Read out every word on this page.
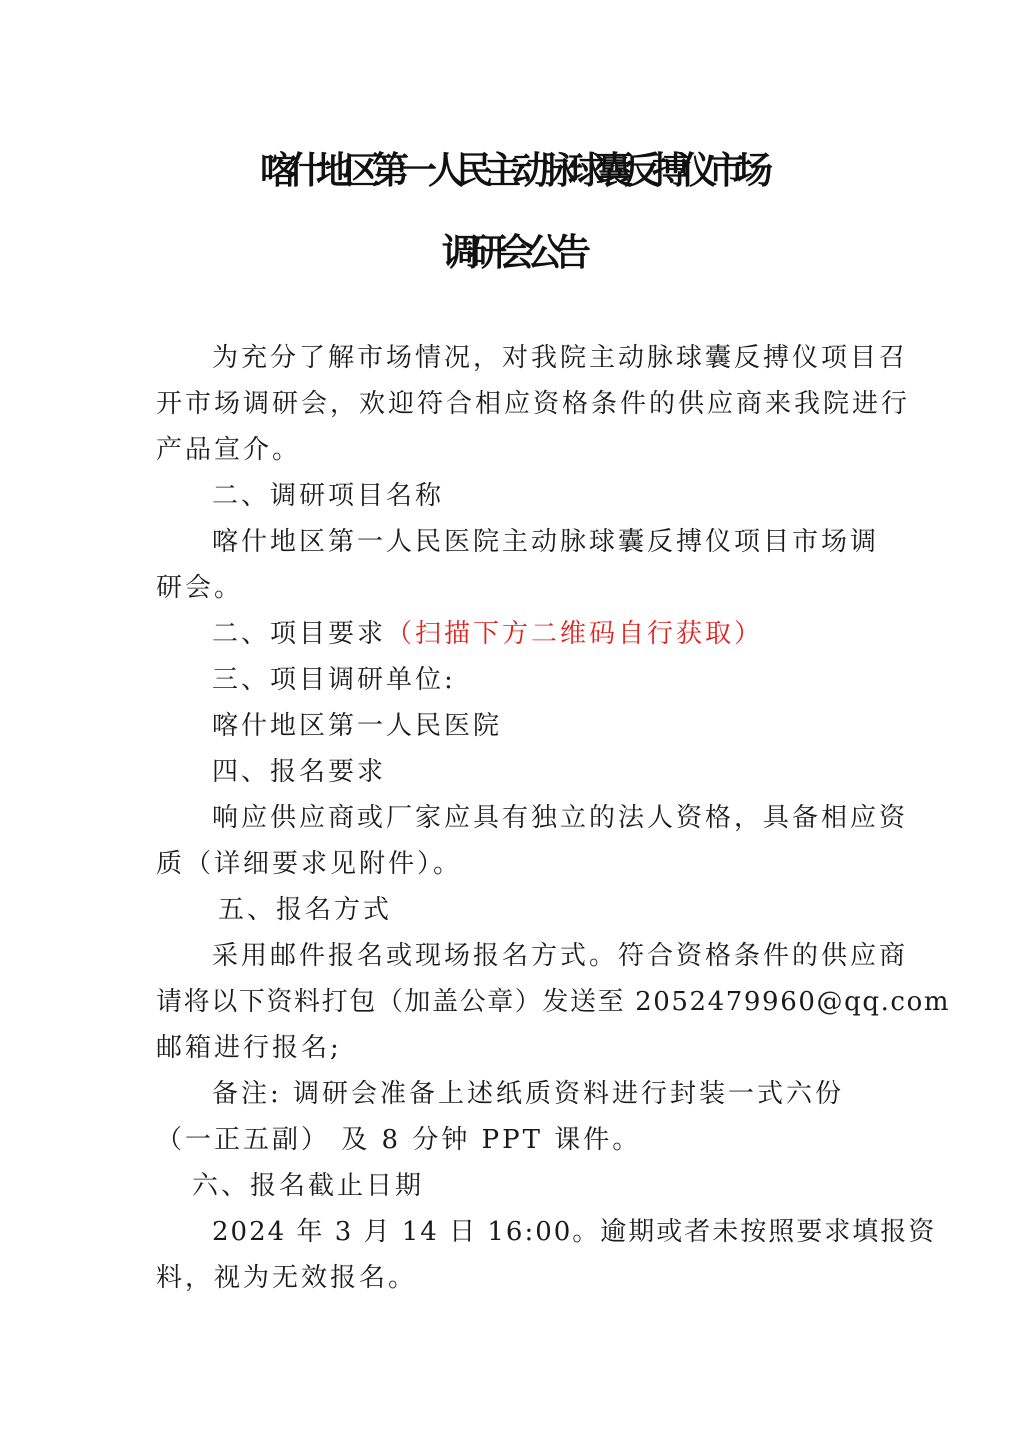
喀什地区第一人民主动脉球囊反搏仪市场
调研会公告
为充分了解市场情况，对我院主动脉球囊反搏仪项目召
开市场调研会，欢迎符合相应资格条件的供应商来我院进行
产品宣介。
二、调研项目名称
喀什地区第一人民医院主动脉球囊反搏仪项目市场调
研会。
二、项目要求（扫描下方二维码自行获取）
三、项目调研单位:
喀什地区第一人民医院
四、报名要求
响应供应商或厂家应具有独立的法人资格，具备相应资
质（详细要求见附件）。
五、报名方式
采用邮件报名或现场报名方式。符合资格条件的供应商
请将以下资料打包（加盖公章）发送至 2052479960@qq.com
邮箱进行报名;
备注: 调研会准备上述纸质资料进行封装一式六份
（一正五副） 及 8 分钟 PPT 课件。
六、报名截止日期
2024 年 3 月 14 日 16:00。逾期或者未按照要求填报资
料，视为无效报名。
